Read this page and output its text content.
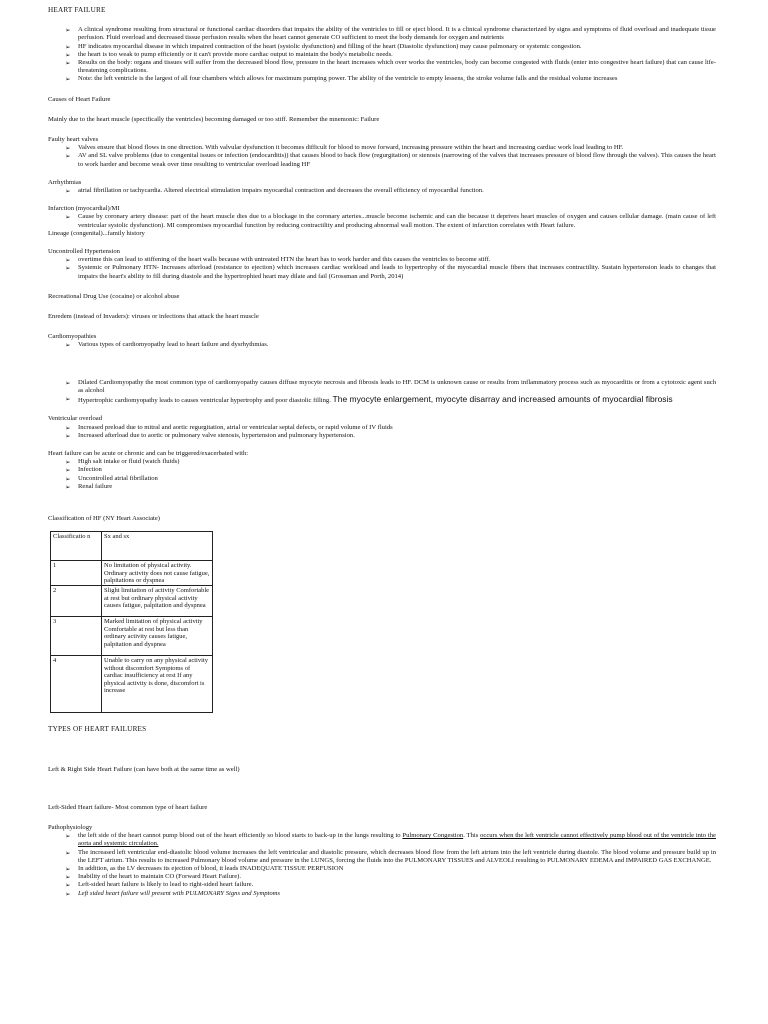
HEART FAILURE
➢ A clinical syndrome resulting from structural or functional cardiac disorders that impairs the ability of the ventricles to fill or eject blood. It is a clinical syndrome characterized by signs and symptoms of fluid overload and inadequate tissue perfusion. Fluid overload and decreased tissue perfusion results when the heart cannot generate CO sufficient to meet the body demands for oxygen and nutrients
➢ HF indicates myocardial disease in which impaired contraction of the heart (systolic dysfunction) and filling of the heart (Diastolic dysfunction) may cause pulmonary or systemic congestion.
➢ the heart is too weak to pump efficiently or it can't provide more cardiac output to maintain the body's metabolic needs.
➢ Results on the body: organs and tissues will suffer from the decreased blood flow, pressure in the heart increases which over works the ventricles, body can become congested with fluids (enter into congestive heart failure) that can cause life-threatening complications.
➢ Note: the left ventricle is the largest of all four chambers which allows for maximum pumping power. The ability of the ventricle to empty lessens, the stroke volume falls and the residual volume increases
Causes of Heart Failure
Mainly due to the heart muscle (specifically the ventricles) becoming damaged or too stiff. Remember the mnemonic: Failure
Faulty heart valves
➢ Valves ensure that blood flows in one direction. With valvular dysfunction it becomes difficult for blood to move forward, increasing pressure within the heart and increasing cardiac work load leading to HF.
➢ AV and SL valve problems (due to congenital issues or infection (endocarditis)) that causes blood to back flow (regurgitation) or stenosis (narrowing of the valves that increases pressure of blood flow through the valves). This causes the heart to work harder and become weak over time resulting to ventricular overload leading HF
Arrhythmias
➢ atrial fibrillation or tachycardia. Altered electrical stimulation impairs myocardial contraction and decreases the overall efficiency of myocardial function.
Infarction (myocardial)/MI
➢ Cause by coronary artery disease: part of the heart muscle dies due to a blockage in the coronary arteries...muscle become ischemic and can die because it deprives heart muscles of oxygen and causes cellular damage. (main cause of left ventricular systolic dysfunction). MI compromises myocardial function by reducing contractility and producing abnormal wall motion. The extent of infarction correlates with Heart failure.
Lineage (congenital)...family history
Uncontrolled Hypertension
➢ overtime this can lead to stiffening of the heart walls because with untreated HTN the heart has to work harder and this causes the ventricles to become stiff.
➢ Systemic or Pulmonary HTN- Increases afterload (resistance to ejection) which increases cardiac workload and leads to hypertrophy of the myocardial muscle fibers that increases contractility. Sustain hypertension leads to changes that impairs the heart's ability to fill during diastole and the hypertrophied heart may dilate and fail (Grossman and Porth, 2014)
Recreational Drug Use (cocaine) or alcohol abuse
Enredem (instead of Invaders): viruses or infections that attack the heart muscle
Cardiomyopathies
➢ Various types of cardiomyopathy lead to heart failure and dysrhythmias.
➢ Dilated Cardiomyopathy the most common type of cardiomyopathy causes diffuse myocyte necrosis and fibrosis leads to HF. DCM is unknown cause or results from inflammatory process such as myocarditis or from a cytotoxic agent such as alcohol
➢ Hypertrophic cardiomyopathy leads to causes ventricular hypertrophy and poor diastolic filling. The myocyte enlargement, myocyte disarray and increased amounts of myocardial fibrosis
Ventricular overload
➢ Increased preload due to mitral and aortic regurgitation, atrial or ventricular septal defects, or rapid volume of IV fluids
➢ Increased afterload due to aortic or pulmonary valve stenosis, hypertension and pulmonary hypertension.
Heart failure can be acute or chronic and can be triggered/exacerbated with:
➢ High salt intake or fluid (watch fluids)
➢ Infection
➢ Uncontrolled atrial fibrillation
➢ Renal failure
Classification of HF (NY Heart Associate)
Classificatio n	Sx and sx
1	No limitation of physical activity. Ordinary activity does not cause fatigue, palpitations or dyspnea
2	Slight limitation of activity Comfortable at rest but ordinary physical activity causes fatigue, palpitation and dyspnea
3	Marked limitation of physical activity Comfortable at rest but less than ordinary activity causes fatigue, palpitation and dyspnea
4	Unable to carry on any physical activity without discomfort Symptoms of cardiac insufficiency at rest If any physical activity is done, discomfort is increase
TYPES OF HEART FAILURES
Left & Right Side Heart Failure (can have both at the same time as well)
Left-Sided Heart failure- Most common type of heart failure
Pathophysiology
➢ the left side of the heart cannot pump blood out of the heart efficiently so blood starts to back-up in the lungs resulting to Pulmonary Congestion. This occurs when the left ventricle cannot effectively pump blood out of the ventricle into the aorta and systemic circulation.
➢ The increased left ventricular end-diastolic blood volume increases the left ventricular and diastolic pressure, which decreases blood flow from the left atrium into the left ventricle during diastole. The blood volume and pressure build up in the LEFT atrium. This results to increased Pulmonary blood volume and pressure in the LUNGS, forcing the fluids into the PULMONARY TISSUES and ALVEOLI resulting to PULMONARY EDEMA and IMPAIRED GAS EXCHANGE.
➢ In addition, as the LV decreases its ejection of blood, it leads INADEQUATE TISSUE PERFUSION
➢ Inability of the heart to maintain CO (Forward Heart Failure).
➢ Left-sided heart failure is likely to lead to right-sided heart failure.
➢ Left sided heart failure will present with PULMONARY Signs and Symptoms
